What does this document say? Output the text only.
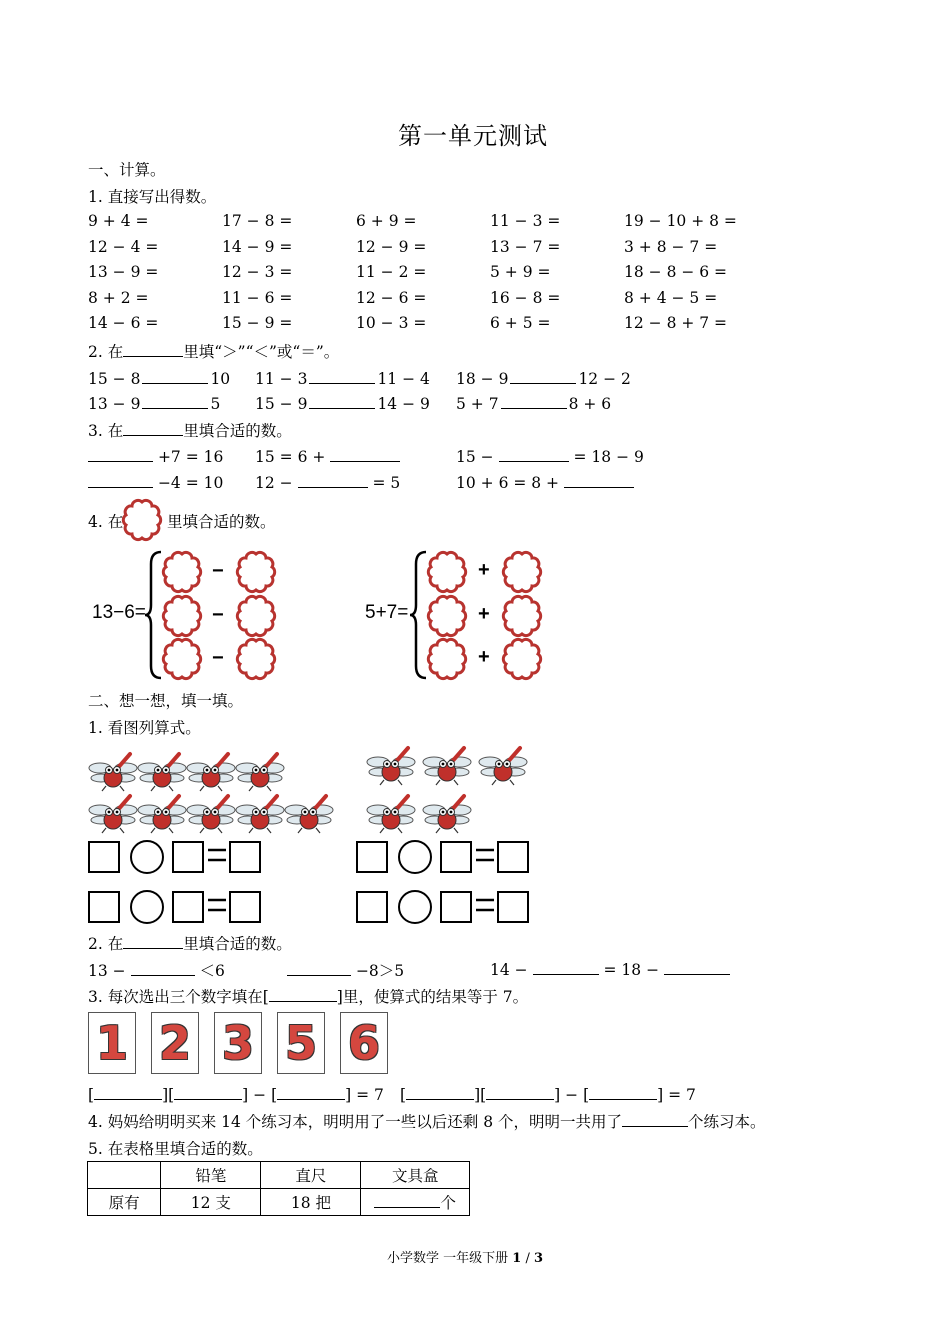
第一单元测试
一、计算。
1. 直接写出得数。
9 + 4 =	17 − 8 =	6 + 9 =	11 − 3 =	19 − 10 + 8 =
12 − 4 =	14 − 9 =	12 − 9 =	13 − 7 =	3 + 8 − 7 =
13 − 9 =	12 − 3 =	11 − 2 =	5 + 9 =	18 − 8 − 6 =
8 + 2 =	11 − 6 =	12 − 6 =	16 − 8 =	8 + 4 − 5 =
14 − 6 =	15 − 9 =	10 − 3 =	6 + 5 =	12 − 8 + 7 =
2. 在	里填“＞”“＜”或“＝”。
15 − 8	10 11 − 3	11 − 4 18 − 9	12 − 2
13 − 9	5 15 − 9	14 − 9 5 + 7	8 + 6
3. 在	里填合适的数。
+7 = 16 15 = 6 +	15 −	= 18 − 9
−4 = 10 12 −	= 5	10 + 6 = 8 +
4. 在	里填合适的数。
13−6=
−
−
−
5+7=
+
+
+
二、想一想，填一填。
1. 看图列算式。
2. 在	里填合适的数。
13 −	＜6	−8＞5	14 −	= 18 −
3. 每次选出三个数字填在[	]里，使算式的结果等于 7。
1 2 3 5 6
[	][	] − [	] = 7 [	][	] − [	] = 7
4. 妈妈给明明买来 14 个练习本，明明用了一些以后还剩 8 个，明明一共用了	个练习本。
5. 在表格里填合适的数。
	铅笔	直尺	文具盒
原有	12 支	18 把	个
小学数学 一年级下册 1 / 3
